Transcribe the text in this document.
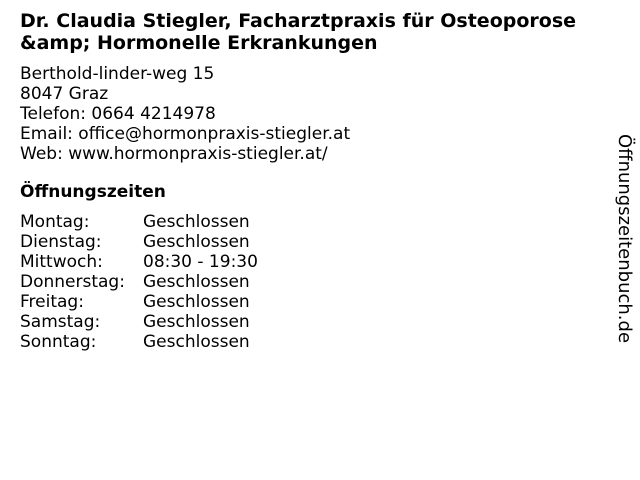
Dr. Claudia Stiegler, Facharztpraxis für Osteoporose &amp; Hormonelle Erkrankungen
Berthold-linder-weg 15
8047 Graz
Telefon: 0664 4214978
Email: office@hormonpraxis-stiegler.at
Web: www.hormonpraxis-stiegler.at/
Öffnungszeiten
Montag:	Geschlossen
Dienstag:	Geschlossen
Mittwoch:	08:30 - 19:30
Donnerstag:	Geschlossen
Freitag:	Geschlossen
Samstag:	Geschlossen
Sonntag:	Geschlossen	Öffnungszeitenbuch.de
